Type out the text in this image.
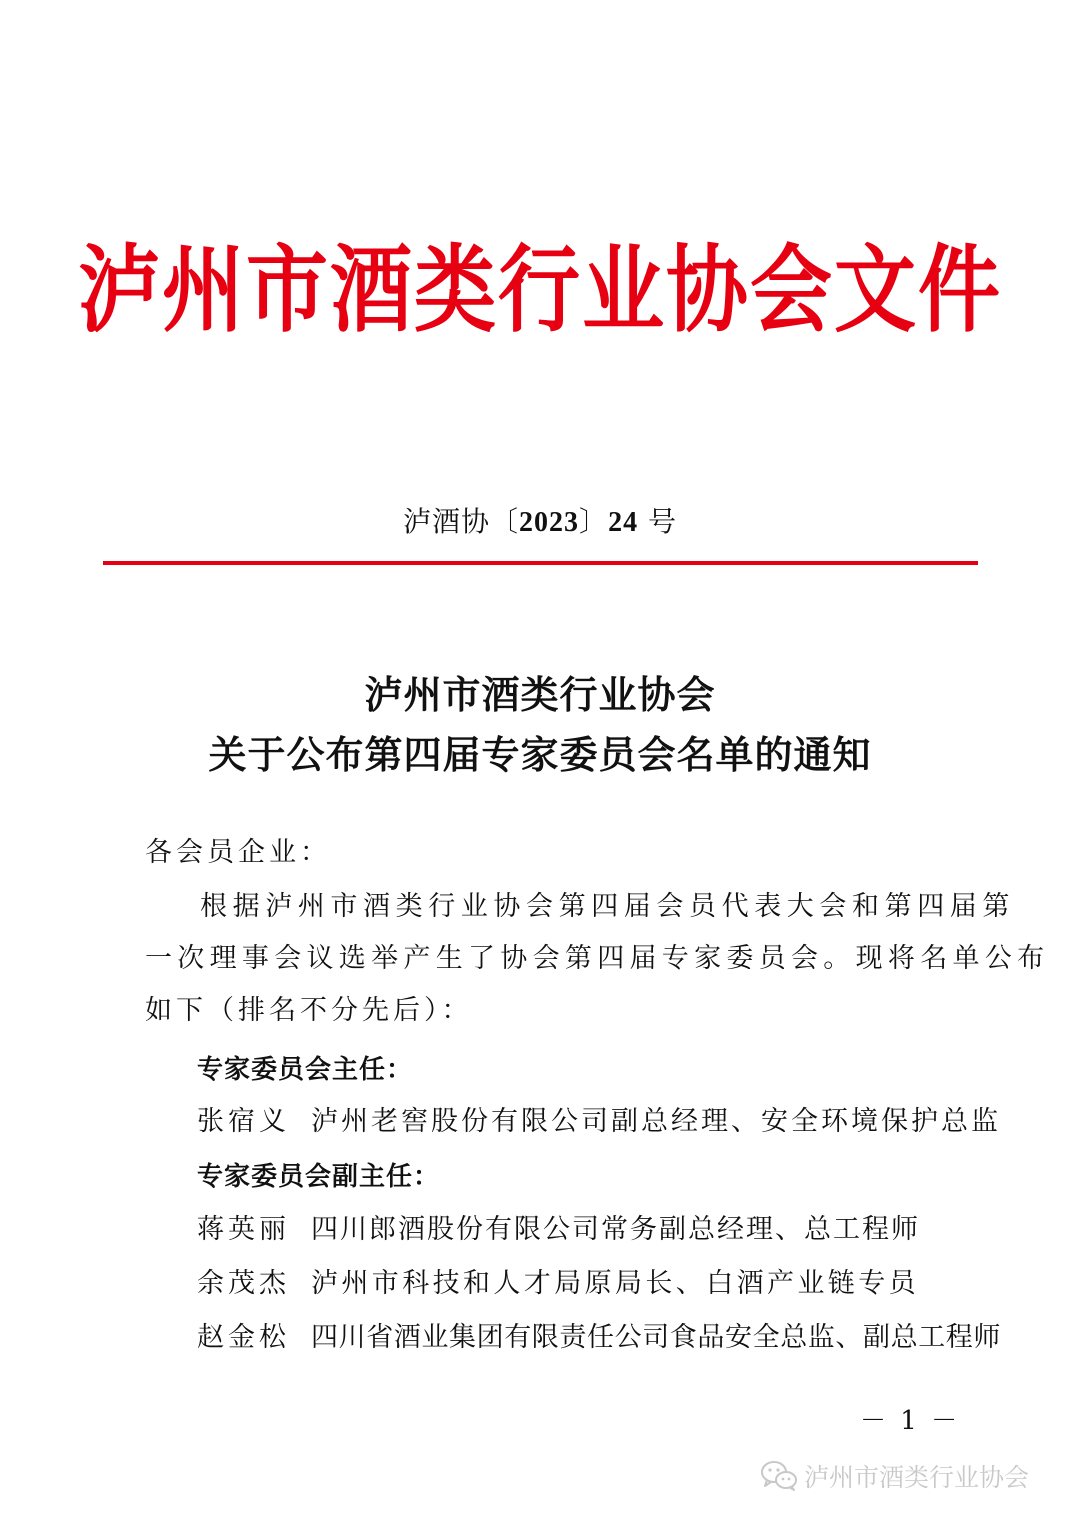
泸州市酒类行业协会文件
泸酒协〔2023〕24 号
泸州市酒类行业协会
关于公布第四届专家委员会名单的通知
各会员企业：
根据泸州市酒类行业协会第四届会员代表大会和第四届第
一次理事会议选举产生了协会第四届专家委员会。现将名单公布
如下（排名不分先后）：
专家委员会主任：
张宿义 泸州老窖股份有限公司副总经理、安全环境保护总监
专家委员会副主任：
蒋英丽 四川郎酒股份有限公司常务副总经理、总工程师
余茂杰 泸州市科技和人才局原局长、白酒产业链专员
赵金松 四川省酒业集团有限责任公司食品安全总监、副总工程师
－ 1 －
泸州市酒类行业协会
